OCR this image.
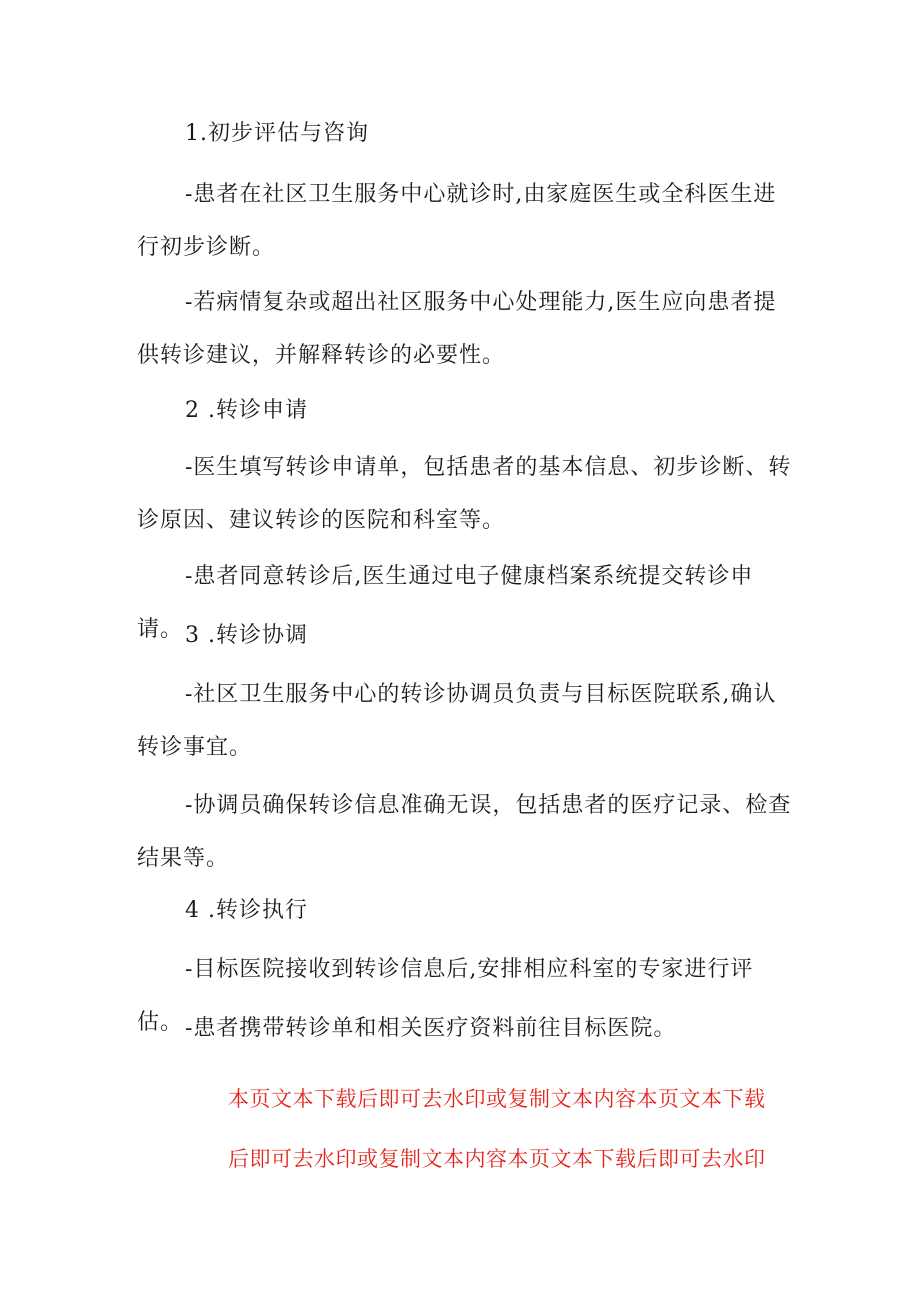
1.初步评估与咨询
-患者在社区卫生服务中心就诊时,由家庭医生或全科医生进行初步诊断。
-若病情复杂或超出社区服务中心处理能力,医生应向患者提供转诊建议，并解释转诊的必要性。
2 .转诊申请
-医生填写转诊申请单，包括患者的基本信息、初步诊断、转诊原因、建议转诊的医院和科室等。
-患者同意转诊后,医生通过电子健康档案系统提交转诊申请。 3 .转诊协调
-社区卫生服务中心的转诊协调员负责与目标医院联系,确认转诊事宜。
-协调员确保转诊信息准确无误，包括患者的医疗记录、检查结果等。
4 .转诊执行
-目标医院接收到转诊信息后,安排相应科室的专家进行评估。 -患者携带转诊单和相关医疗资料前往目标医院。
本页文本下载后即可去水印或复制文本内容本页文本下载
后即可去水印或复制文本内容本页文本下载后即可去水印
